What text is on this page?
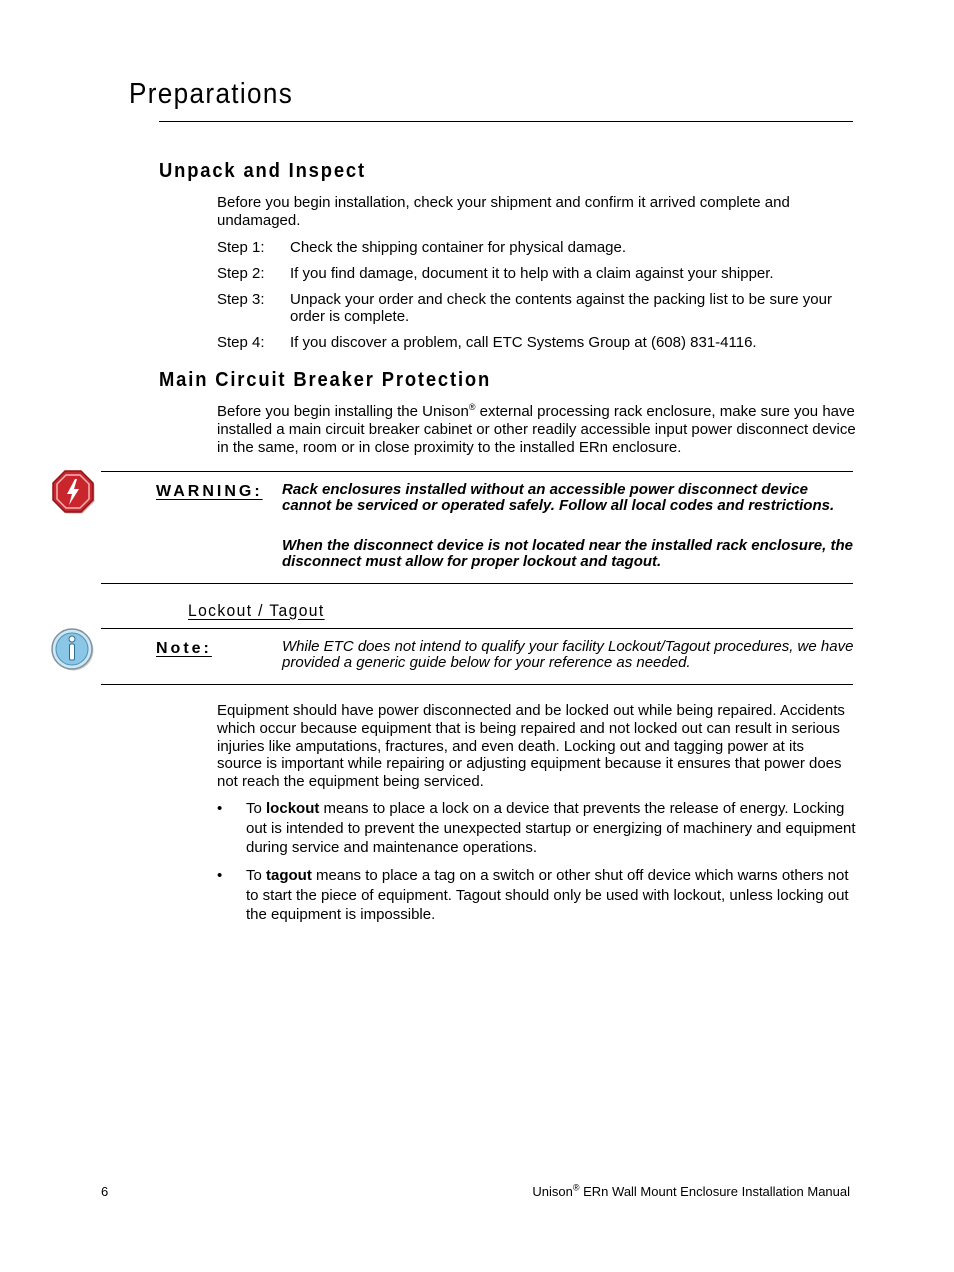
Preparations
Unpack and Inspect
Before you begin installation, check your shipment and confirm it arrived complete and undamaged.
Step 1: Check the shipping container for physical damage.
Step 2: If you find damage, document it to help with a claim against your shipper.
Step 3: Unpack your order and check the contents against the packing list to be sure your order is complete.
Step 4: If you discover a problem, call ETC Systems Group at (608) 831-4116.
Main Circuit Breaker Protection
Before you begin installing the Unison® external processing rack enclosure, make sure you have installed a main circuit breaker cabinet or other readily accessible input power disconnect device in the same, room or in close proximity to the installed ERn enclosure.
WARNING: Rack enclosures installed without an accessible power disconnect device cannot be serviced or operated safely. Follow all local codes and restrictions.
When the disconnect device is not located near the installed rack enclosure, the disconnect must allow for proper lockout and tagout.
Lockout / Tagout
Note:	While ETC does not intend to qualify your facility Lockout/Tagout procedures, we have provided a generic guide below for your reference as needed.
Equipment should have power disconnected and be locked out while being repaired. Accidents which occur because equipment that is being repaired and not locked out can result in serious injuries like amputations, fractures, and even death. Locking out and tagging power at its source is important while repairing or adjusting equipment because it ensures that power does not reach the equipment being serviced.
• To lockout means to place a lock on a device that prevents the release of energy. Locking out is intended to prevent the unexpected startup or energizing of machinery and equipment during service and maintenance operations.
• To tagout means to place a tag on a switch or other shut off device which warns others not to start the piece of equipment. Tagout should only be used with lockout, unless locking out the equipment is impossible.
6	Unison® ERn Wall Mount Enclosure Installation Manual
